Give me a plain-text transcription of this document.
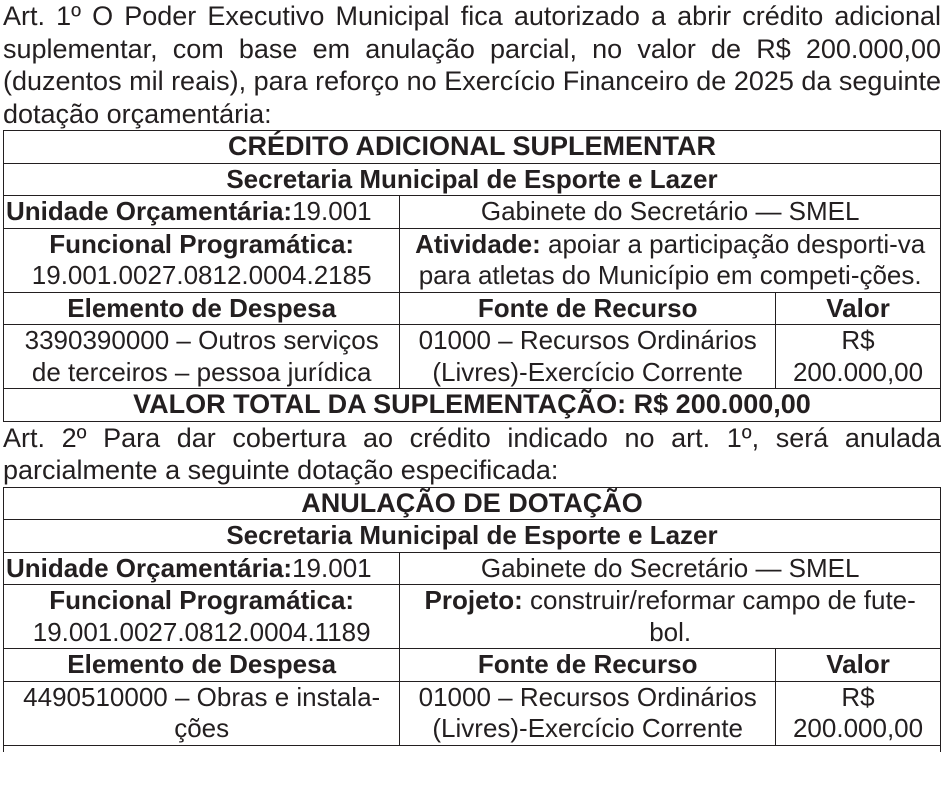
Art. 1º O Poder Executivo Municipal fica autorizado a abrir crédito adicional suplementar, com base em anulação parcial, no valor de R$ 200.000,00 (duzentos mil reais), para reforço no Exercício Financeiro de 2025 da seguinte dotação orçamentária:

CRÉDITO ADICIONAL SUPLEMENTAR		
Secretaria Municipal de Esporte e Lazer		
Unidade Orçamentária:19.001	Gabinete do Secretário — SMEL	

Funcional Programática:
19.001.0027.0812.0004.2185	Atividade: apoiar a participação desporti-va para atletas do Município em competi-ções.	
Elemento de Despesa	Fonte de Recurso	Valor
3390390000 – Outros serviços de terceiros – pessoa jurídica	01000 – Recursos Ordinários (Livres)-Exercício Corrente	R$ 200.000,00
VALOR TOTAL DA SUPLEMENTAÇÃO: R$ 200.000,00		

Art. 2º Para dar cobertura ao crédito indicado no art. 1º, será anulada parcialmente a seguinte dotação especificada:

ANULAÇÃO DE DOTAÇÃO		
Secretaria Municipal de Esporte e Lazer		
Unidade Orçamentária:19.001	Gabinete do Secretário — SMEL	

Funcional Programática:
19.001.0027.0812.0004.1189	Projeto: construir/reformar campo de fute-bol.	
Elemento de Despesa	Fonte de Recurso	Valor
4490510000 – Obras e instala-ções	01000 – Recursos Ordinários (Livres)-Exercício Corrente	R$ 200.000,00
